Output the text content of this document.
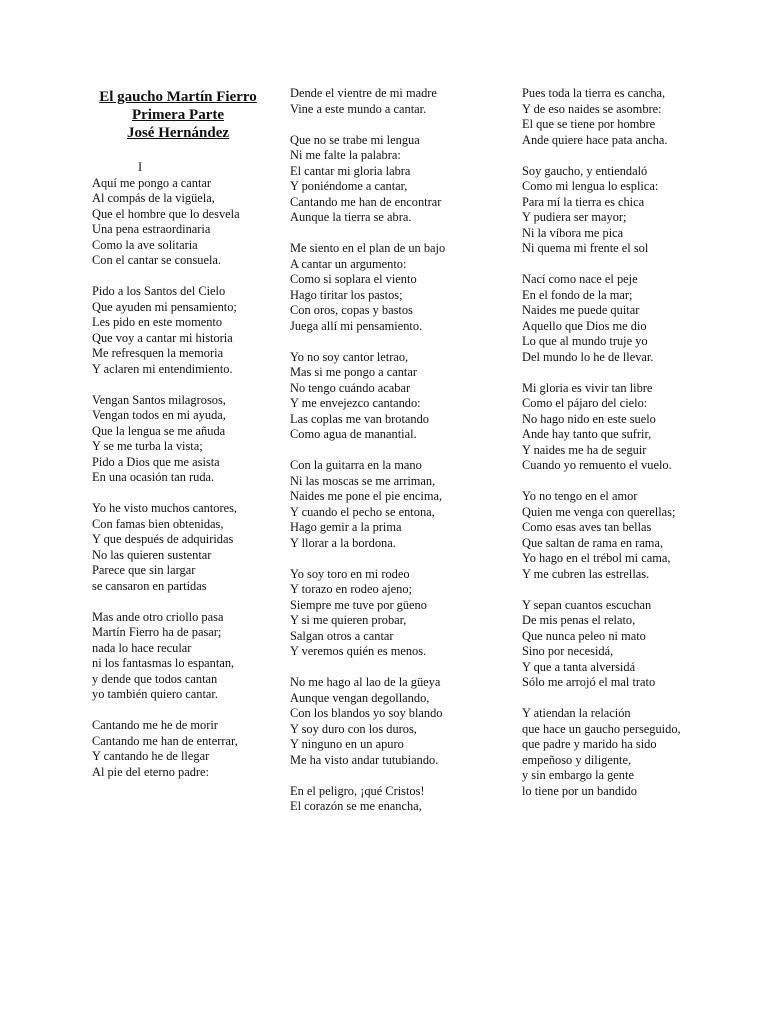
El gaucho Martín Fierro
Primera Parte
José Hernández
I
Aquí me pongo a cantar
Al compás de la vigüela,
Que el hombre que lo desvela
Una pena estraordinaria
Como la ave solitaria
Con el cantar se consuela.
Pido a los Santos del Cielo
Que ayuden mi pensamiento;
Les pido en este momento
Que voy a cantar mi historia
Me refresquen la memoria
Y aclaren mi entendimiento.
Vengan Santos milagrosos,
Vengan todos en mi ayuda,
Que la lengua se me añuda
Y se me turba la vista;
Pido a Dios que me asista
En una ocasión tan ruda.
Yo he visto muchos cantores,
Con famas bien obtenidas,
Y que después de adquiridas
No las quieren sustentar
Parece que sin largar
se cansaron en partidas
Mas ande otro criollo pasa
Martín Fierro ha de pasar;
nada lo hace recular
ni los fantasmas lo espantan,
y dende que todos cantan
yo también quiero cantar.
Cantando me he de morir
Cantando me han de enterrar,
Y cantando he de llegar
Al pie del eterno padre:
Dende el vientre de mi madre
Vine a este mundo a cantar.
Que no se trabe mi lengua
Ni me falte la palabra:
El cantar mi gloria labra
Y poniéndome a cantar,
Cantando me han de encontrar
Aunque la tierra se abra.
Me siento en el plan de un bajo
A cantar un argumento:
Como si soplara el viento
Hago tiritar los pastos;
Con oros, copas y bastos
Juega allí mi pensamiento.
Yo no soy cantor letrao,
Mas si me pongo a cantar
No tengo cuándo acabar
Y me envejezco cantando:
Las coplas me van brotando
Como agua de manantial.
Con la guitarra en la mano
Ni las moscas se me arriman,
Naides me pone el pie encima,
Y cuando el pecho se entona,
Hago gemir a la prima
Y llorar a la bordona.
Yo soy toro en mi rodeo
Y torazo en rodeo ajeno;
Siempre me tuve por güeno
Y si me quieren probar,
Salgan otros a cantar
Y veremos quién es menos.
No me hago al lao de la güeya
Aunque vengan degollando,
Con los blandos yo soy blando
Y soy duro con los duros,
Y ninguno en un apuro
Me ha visto andar tutubiando.
En el peligro, ¡qué Cristos!
El corazón se me enancha,
Pues toda la tierra es cancha,
Y de eso naides se asombre:
El que se tiene por hombre
Ande quiere hace pata ancha.
Soy gaucho, y entiendaló
Como mi lengua lo esplica:
Para mí la tierra es chica
Y pudiera ser mayor;
Ni la víbora me pica
Ni quema mi frente el sol
Nací como nace el peje
En el fondo de la mar;
Naides me puede quitar
Aquello que Dios me dio
Lo que al mundo truje yo
Del mundo lo he de llevar.
Mi gloria es vivir tan libre
Como el pájaro del cielo:
No hago nido en este suelo
Ande hay tanto que sufrir,
Y naides me ha de seguir
Cuando yo remuento el vuelo.
Yo no tengo en el amor
Quien me venga con querellas;
Como esas aves tan bellas
Que saltan de rama en rama,
Yo hago en el trébol mi cama,
Y me cubren las estrellas.
Y sepan cuantos escuchan
De mis penas el relato,
Que nunca peleo ni mato
Sino por necesidá,
Y que a tanta alversidá
Sólo me arrojó el mal trato
Y atiendan la relación
que hace un gaucho perseguido,
que padre y marido ha sido
empeñoso y diligente,
y sin embargo la gente
lo tiene por un bandido
